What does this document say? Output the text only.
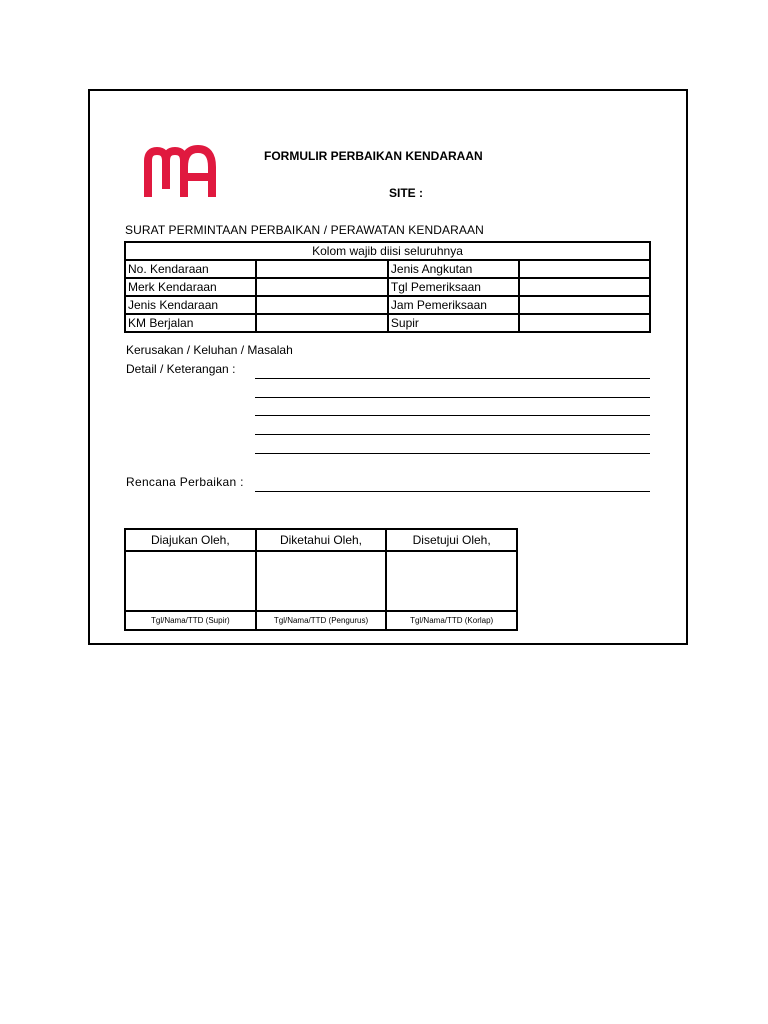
FORMULIR PERBAIKAN KENDARAAN
SITE :
SURAT PERMINTAAN PERBAIKAN / PERAWATAN KENDARAAN
Kolom wajib diisi seluruhnya			
No. Kendaraan		Jenis Angkutan	
Merk Kendaraan		Tgl Pemeriksaan	
Jenis Kendaraan		Jam Pemeriksaan	
KM Berjalan		Supir	
Kerusakan / Keluhan / Masalah
Detail / Keterangan :
Rencana Perbaikan :
Diajukan Oleh,	Diketahui Oleh,	Disetujui Oleh,

Tgl/Nama/TTD (Supir)	Tgl/Nama/TTD (Pengurus)	Tgl/Nama/TTD (Korlap)
